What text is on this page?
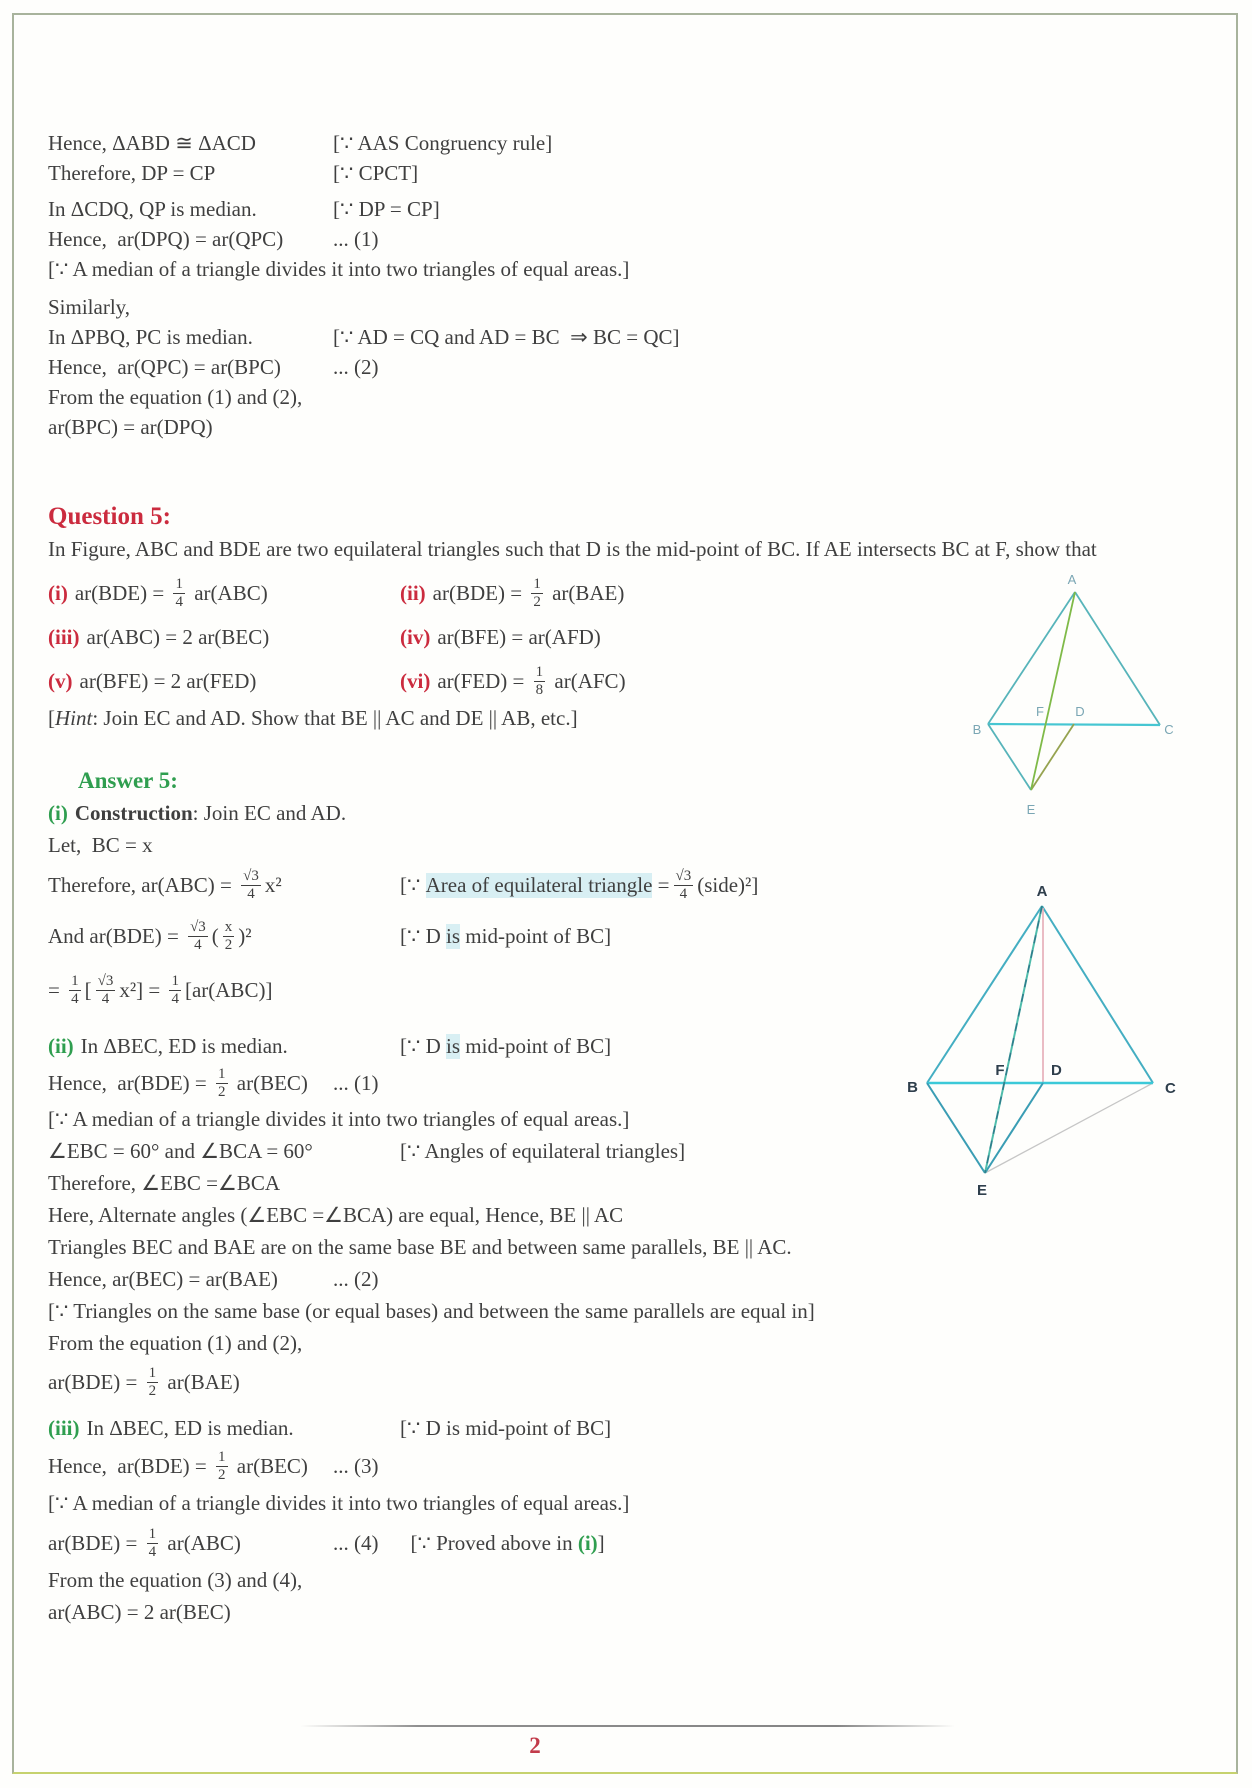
Hence, ΔABD ≅ ΔACD	[∵ AAS Congruency rule]
Therefore, DP = CP	[∵ CPCT]
In ΔCDQ, QP is median.	[∵ DP = CP]
Hence,  ar(DPQ) = ar(QPC)	... (1)
[∵ A median of a triangle divides it into two triangles of equal areas.]
Similarly,
In ΔPBQ, PC is median.	[∵ AD = CQ and AD = BC  ⇒ BC = QC]
Hence,  ar(QPC) = ar(BPC)	... (2)
From the equation (1) and (2),
ar(BPC) = ar(DPQ)
Question 5:
In Figure, ABC and BDE are two equilateral triangles such that D is the mid-point of BC. If AE intersects BC at F, show that
(i) $ar(BDE) = \frac{1}{4} ar(ABC)$	(ii) $ar(BDE) = \frac{1}{2} ar(BAE)$
(iii) ar(ABC) = 2 ar(BEC)	(iv) ar(BFE) = ar(AFD)
(v) ar(BFE) = 2 ar(FED)	(vi) $ar(FED) = \frac{1}{8} ar(AFC)$
[Hint: Join EC and AD. Show that BE || AC and DE || AB, etc.]
Answer 5:
(i) Construction : Join EC and AD.
Let,  BC = x
Therefore, $ar(ABC) = \frac{√3}{4} x^2$	[∵ Area of equilateral triangle = $\frac{√3}{4}$ (side)²]
And $ar(BDE) = \frac{√3}{4}$ ( $\frac{x}{2} )^2$	[∵ D is mid-point of BC]
= $\frac{1}{4}$ [ $\frac{√3}{4} x^2] = \frac{1}{4} [ar(ABC)]$
(ii) In ΔBEC, ED is median.	[∵ D is mid-point of BC]
Hence,  $ar(BDE) = \frac{1}{2} ar(BEC)$ ... (1)
[∵ A median of a triangle divides it into two triangles of equal areas.]
∠EBC = 60° and ∠BCA = 60°	[∵ Angles of equilateral triangles]
Therefore, ∠EBC =∠BCA
Here, Alternate angles (∠EBC =∠BCA) are equal, Hence, BE || AC
Triangles BEC and BAE are on the same base BE and between same parallels, BE || AC.
Hence, ar(BEC) = ar(BAE)	... (2)
[∵ Triangles on the same base (or equal bases) and between the same parallels are equal in]
From the equation (1) and (2),
$ar(BDE) = \frac{1}{2} ar(BAE)$
(iii) In ΔBEC, ED is median.	[∵ D is mid-point of BC]
Hence,  $ar(BDE) = \frac{1}{2} ar(BEC)$ ... (3)
[∵ A median of a triangle divides it into two triangles of equal areas.]
$ar(BDE) = \frac{1}{4} ar(ABC)$	... (4)	[∵ Proved above in (i) ]
From the equation (3) and (4),
ar(ABC) = 2 ar(BEC)
A
B	C
D
F
E
A
B	C
D
F
E
2
